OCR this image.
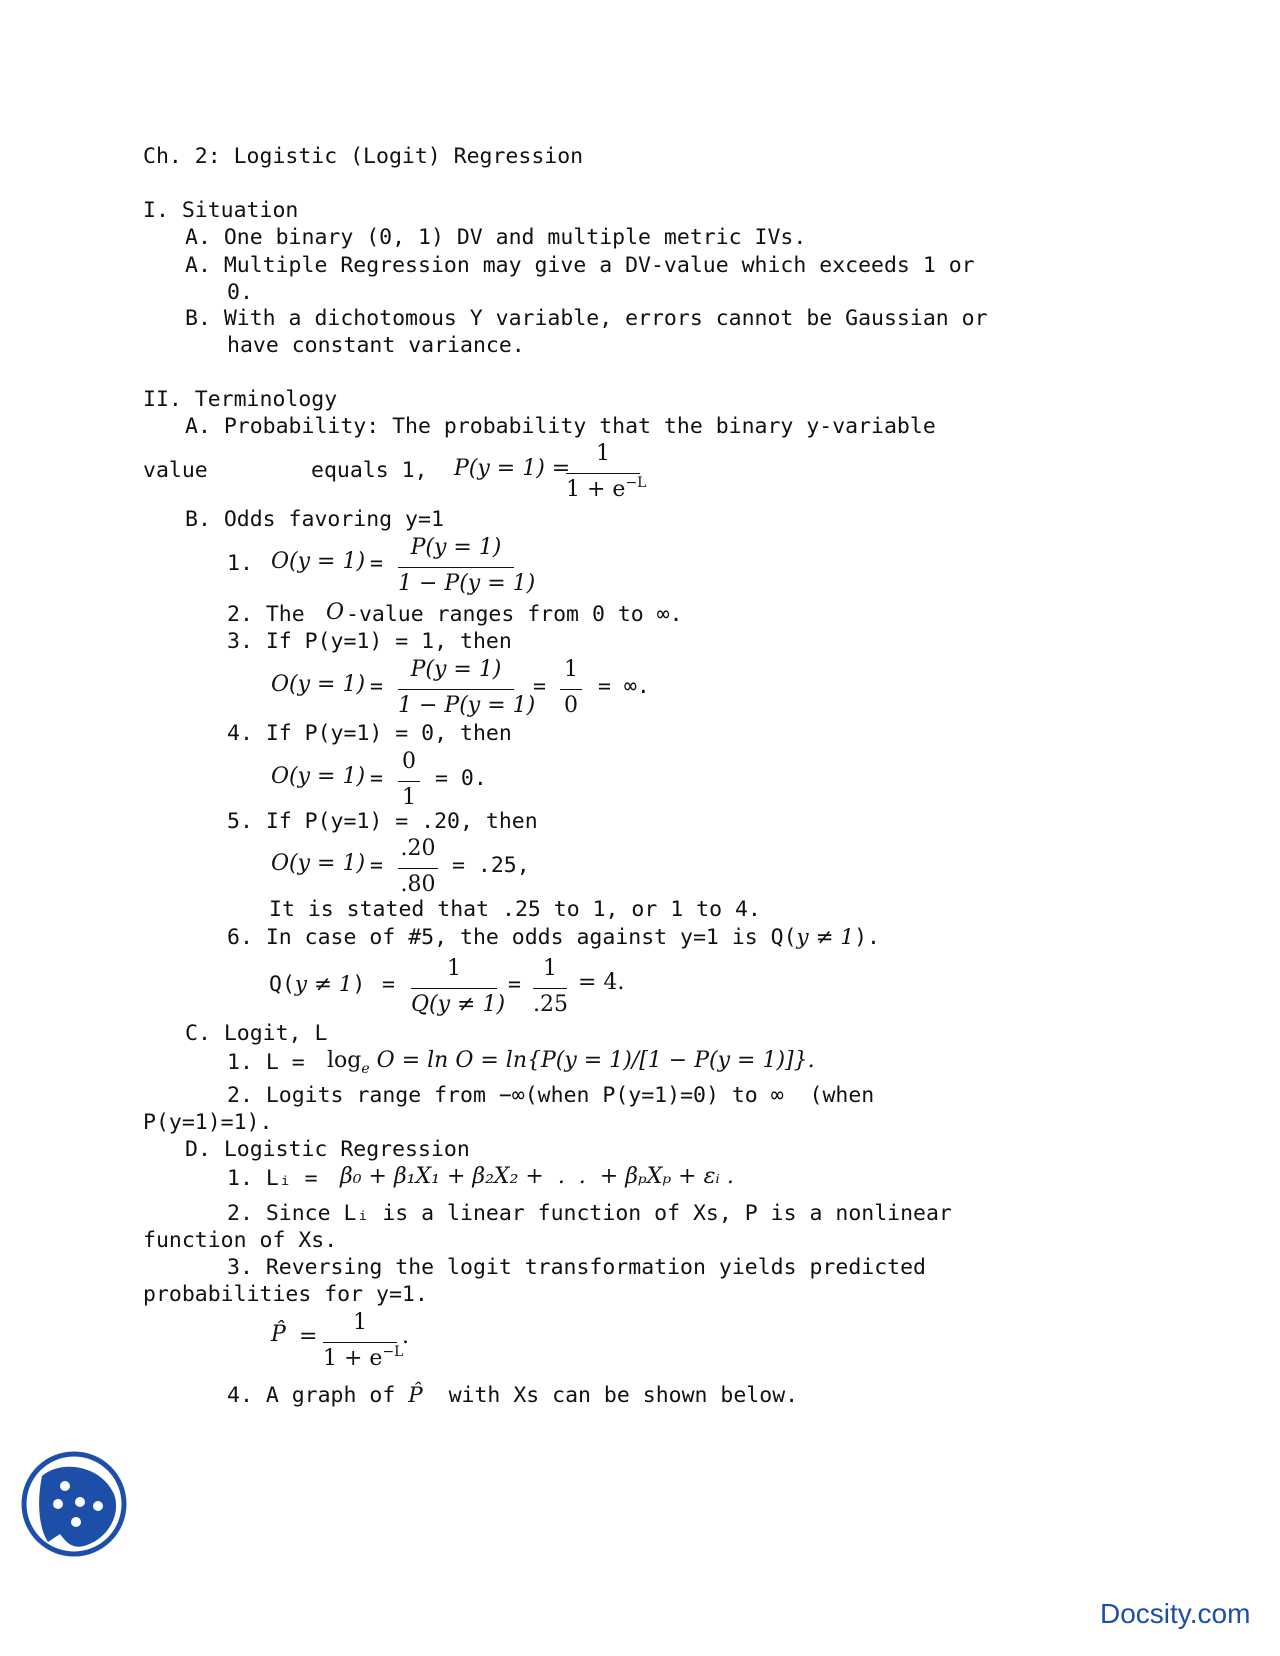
Ch. 2: Logistic (Logit) Regression
I. Situation
A. One binary (0, 1) DV and multiple metric IVs.
A. Multiple Regression may give a DV-value which exceeds 1 or
0.
B. With a dichotomous Y variable, errors cannot be Gaussian or
have constant variance.
II. Terminology
A. Probability: The probability that the binary y-variable
value	equals 1, P(y = 1) =
1
$1 + e^{-L}$
B. Odds favoring y=1
1. O(y = 1) =
P(y = 1)
1 − P(y = 1)
2. The O -value ranges from 0 to ∞.
3. If P(y=1) = 1, then
O(y = 1) =
P(y = 1)
1 − P(y = 1)
=
1
0
= ∞.
4. If P(y=1) = 0, then
O(y = 1) =
0
1
= 0.
5. If P(y=1) = .20, then
O(y = 1) =
.20
.80
= .25,
It is stated that .25 to 1, or 1 to 4.
6. In case of #5, the odds against y=1 is Q(y ≠ 1).
Q(y ≠ 1) =
1
Q(y ≠ 1)
=
1
.25
= 4.
C. Logit, L
1. $L = \log_e O = \ln O = \ln\{P(y = 1)/[1 - P(y = 1)]\}$.
2. Logits range from −∞(when P(y=1)=0) to ∞ (when
P(y=1)=1).
D. Logistic Regression
1. Lᵢ = β₀ + β₁X₁ + β₂X₂ +  .  .  + βₚXₚ + εᵢ .
2. Since Lᵢ is a linear function of Xs, P is a nonlinear
function of Xs.
3. Reversing the logit transformation yields predicted
probabilities for y=1.
P̂ =
1
$1 + e^{-L}$
.
4. A graph of P̂ with Xs can be shown below.
Docsity.com
